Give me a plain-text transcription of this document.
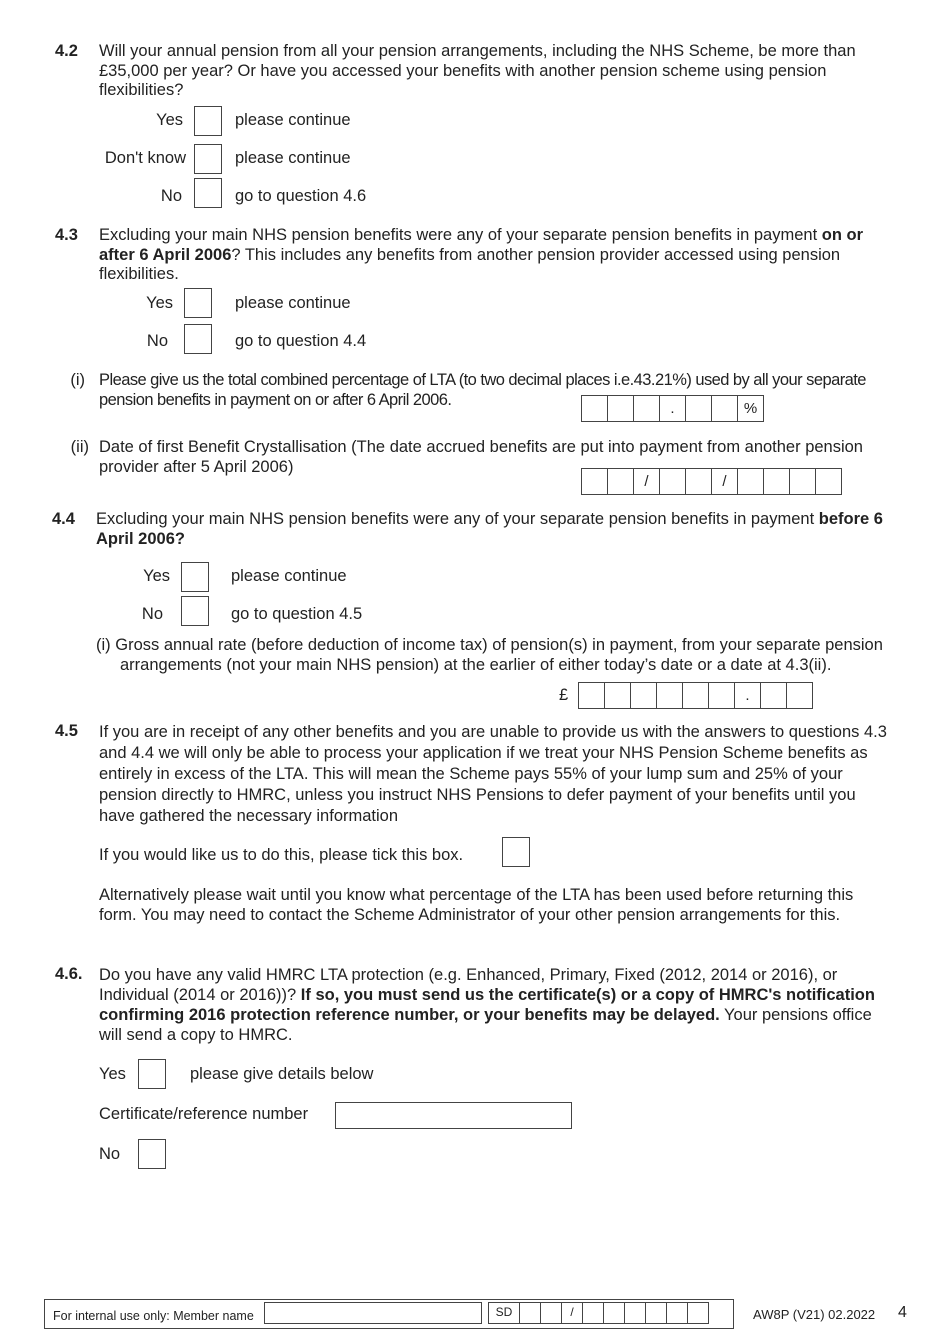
4.2 Will your annual pension from all your pension arrangements, including the NHS Scheme, be more than £35,000 per year? Or have you accessed your benefits with another pension scheme using pension flexibilities?
Yes	please continue
Don't know	please continue
No	go to question 4.6
4.3 Excluding your main NHS pension benefits were any of your separate pension benefits in payment on or after 6 April 2006? This includes any benefits from another pension provider accessed using pension flexibilities.
Yes	please continue
No	go to question 4.4
(i) Please give us the total combined percentage of LTA (to two decimal places i.e.43.21%) used by all your separate pension benefits in payment on or after 6 April 2006.	.	%
(ii) Date of first Benefit Crystallisation (The date accrued benefits are put into payment from another pension provider after 5 April 2006)
/	/
4.4 Excluding your main NHS pension benefits were any of your separate pension benefits in payment before 6 April 2006?
Yes	please continue
No	go to question 4.5
(i) Gross annual rate (before deduction of income tax) of pension(s) in payment, from your separate pension arrangements (not your main NHS pension) at the earlier of either today’s date or a date at 4.3(ii).
£	.
4.5 If you are in receipt of any other benefits and you are unable to provide us with the answers to questions 4.3 and 4.4 we will only be able to process your application if we treat your NHS Pension Scheme benefits as entirely in excess of the LTA. This will mean the Scheme pays 55% of your lump sum and 25% of your pension directly to HMRC, unless you instruct NHS Pensions to defer payment of your benefits until you have gathered the necessary information
If you would like us to do this, please tick this box.
Alternatively please wait until you know what percentage of the LTA has been used before returning this form. You may need to contact the Scheme Administrator of your other pension arrangements for this.
4.6. Do you have any valid HMRC LTA protection (e.g. Enhanced, Primary, Fixed (2012, 2014 or 2016), or Individual (2014 or 2016))? If so, you must send us the certificate(s) or a copy of HMRC's notification confirming 2016 protection reference number, or your benefits may be delayed. Your pensions office will send a copy to HMRC.
Yes	please give details below
Certificate/reference number
No
For internal use only: Member name	SD	/	AW8P (V21) 02.2022 4
